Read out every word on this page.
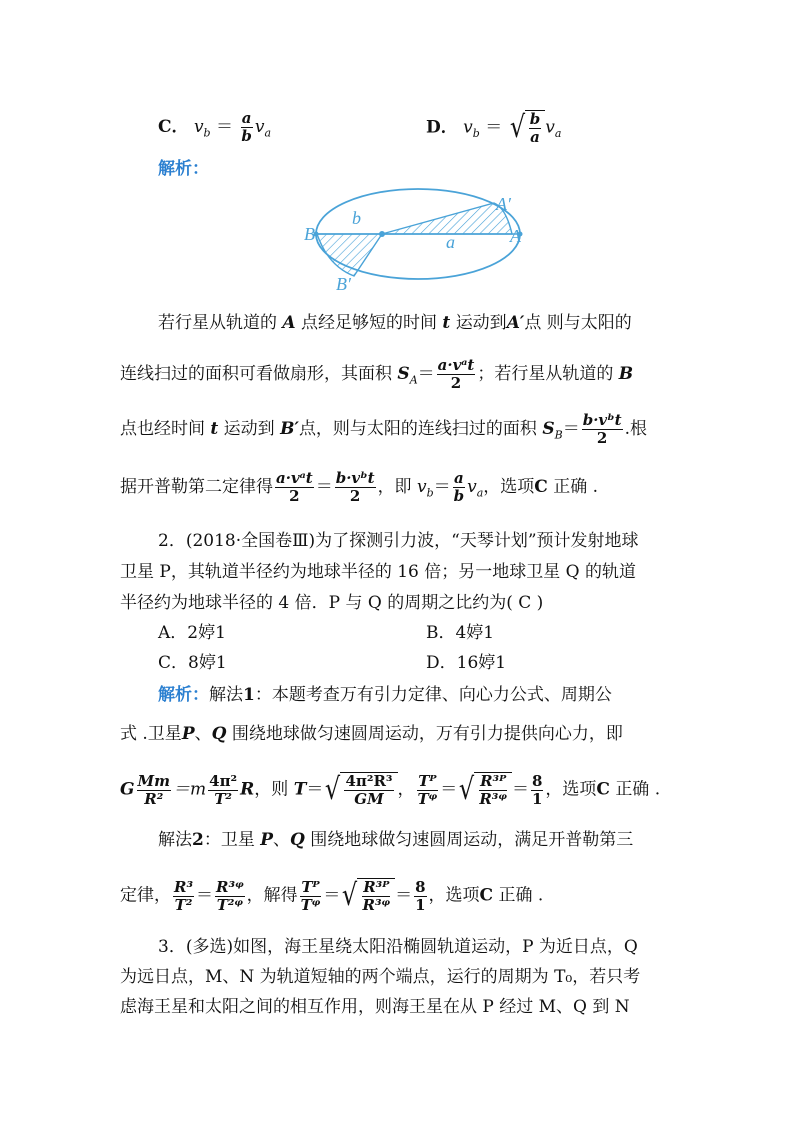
C． $v_b = \frac{a}{b} v_a$	D． $v_b$ ＝ √ $\frac{b}{a} v_a$
解析：
B
b
A′
A
a
B′
若行星从轨道的 A 点经足够短的时间 t 运动到A′点 则与太阳的
连线扫过的面积可看做扇形，其面积 $S_A= \frac{\text{a·vᵃt}}{2}$ ；若行星从轨道的 B
点也经时间 t 运动到 B′点，则与太阳的连线扫过的面积 $S_B= \frac{\text{b·vᵇt}}{2}$ .根
据开普勒第二定律得 $\frac{\text{a·vᵃt}}{2} = \frac{\text{b·vᵇt}}{2}$ ，即 $v_b= \frac{a}{b} v_a$，选项C 正确 .
2．(2018·全国卷Ⅲ)为了探测引力波，“天琴计划”预计发射地球
卫星 P，其轨道半径约为地球半径的 16 倍；另一地球卫星 Q 的轨道
半径约为地球半径的 4 倍．P 与 Q 的周期之比约为( C )
A．2婷1	B．4婷1
C．8婷1	D．16婷1
解析：解法1：本题考查万有引力定律、向心力公式、周期公
式 .卫星P、Q 围绕地球做匀速圆周运动，万有引力提供向心力，即
G $\frac{Mm}{\text{R²}} =m \frac{\text{4π²}}{\text{T²}}$ R，则 T＝ √ $\frac{\text{4π²R³}}{GM}$ ， $\frac{\text{Tᴾ}}{\text{Tᵠ}}$ ＝ √ $\frac{\text{R³ᴾ}}{\text{R³ᵠ}} = \frac{8}{1}$ ，选项C 正确 .
解法2：卫星 P、Q 围绕地球做匀速圆周运动，满足开普勒第三
定律， $\frac{\text{R³}}{\text{T²}} = \frac{\text{R³ᵠ}}{\text{T²ᵠ}}$ ，解得 $\frac{\text{Tᴾ}}{\text{Tᵠ}}$ ＝ √ $\frac{\text{R³ᴾ}}{\text{R³ᵠ}} = \frac{8}{1}$ ，选项C 正确 .
3．(多选)如图，海王星绕太阳沿椭圆轨道运动，P 为近日点，Q
为远日点，M、N 为轨道短轴的两个端点，运行的周期为 T₀，若只考
虑海王星和太阳之间的相互作用，则海王星在从 P 经过 M、Q 到 N
